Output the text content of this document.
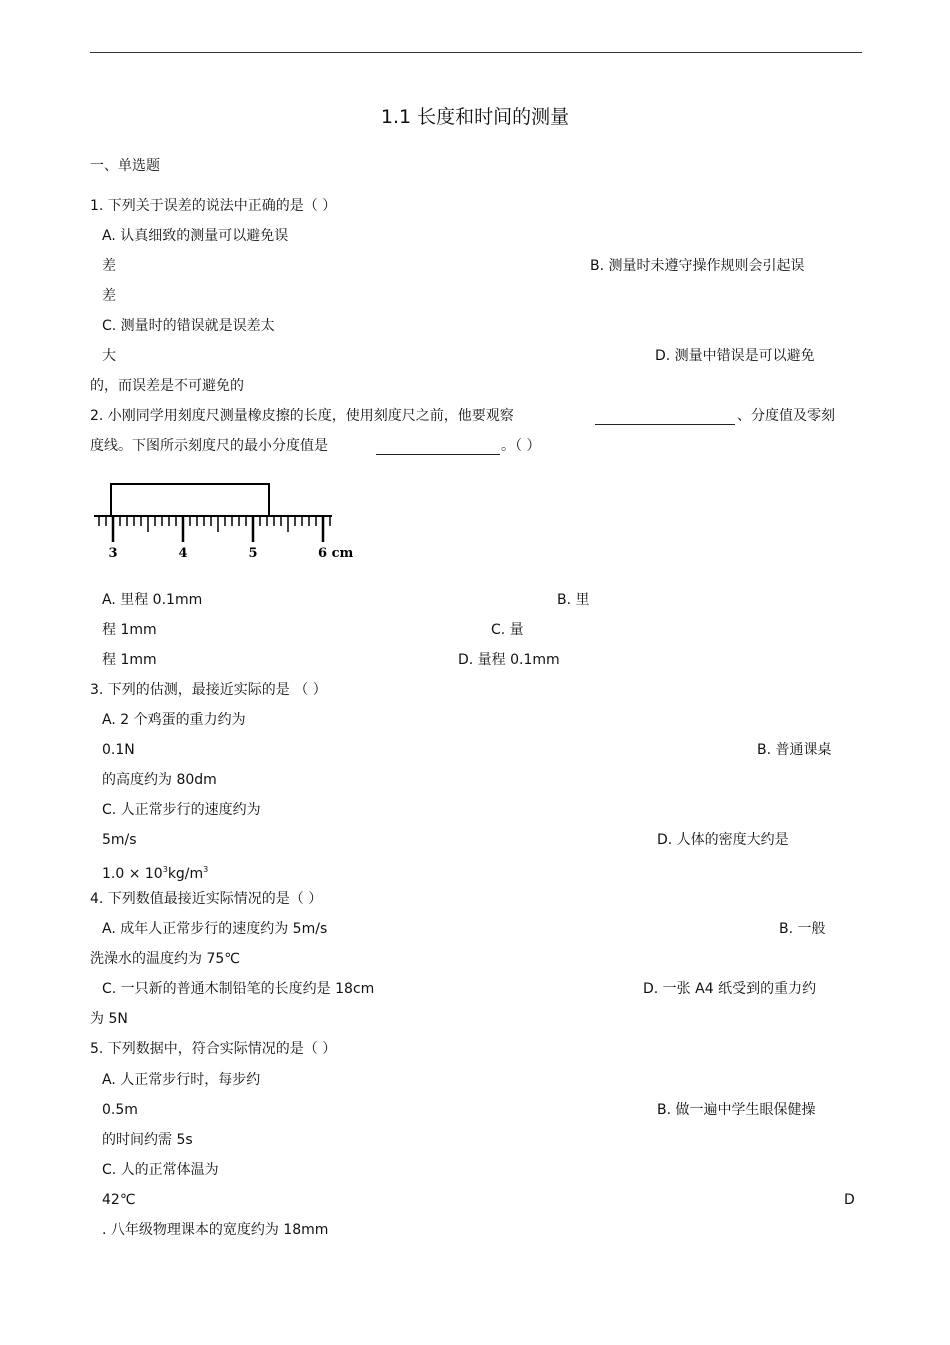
1.1 长度和时间的测量
一、单选题
1. 下列关于误差的说法中正确的是（ ）
A. 认真细致的测量可以避免误
差	B. 测量时未遵守操作规则会引起误
差
C. 测量时的错误就是误差太
大	D. 测量中错误是可以避免
的，而误差是不可避免的
2. 小刚同学用刻度尺测量橡皮擦的长度，使用刻度尺之前，他要观察	、分度值及零刻
度线。下图所示刻度尺的最小分度值是	。（ ）
3	4	5	6 cm
A. 里程 0.1mm	B. 里
程 1mm	C. 量
程 1mm	D. 量程 0.1mm
3. 下列的估测，最接近实际的是 （ ）
A. 2 个鸡蛋的重力约为
0.1N	B. 普通课桌
的高度约为 80dm
C. 人正常步行的速度约为
5m/s	D. 人体的密度大约是
$1.0 \times 10^3kg/m^3$
4. 下列数值最接近实际情况的是（ ）
A. 成年人正常步行的速度约为 5m/s	B. 一般
洗澡水的温度约为 75℃
C. 一只新的普通木制铅笔的长度约是 18cm	D. 一张 A4 纸受到的重力约
为 5N
5. 下列数据中，符合实际情况的是（ ）
A. 人正常步行时，每步约
0.5m	B. 做一遍中学生眼保健操
的时间约需 5s
C. 人的正常体温为
42℃	D
. 八年级物理课本的宽度约为 18mm
